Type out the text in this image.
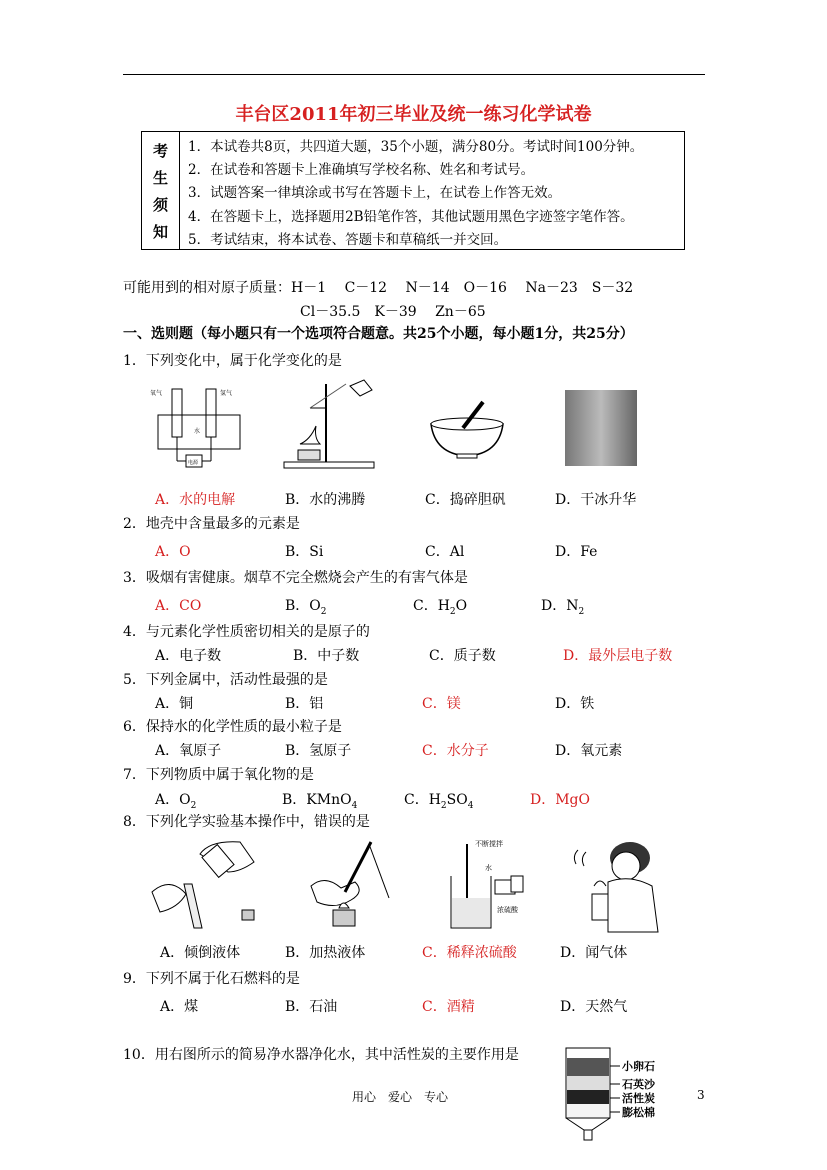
丰台区2011年初三毕业及统一练习化学试卷
考
生
须
知
1．本试卷共8页，共四道大题，35个小题，满分80分。考试时间100分钟。
2．在试卷和答题卡上准确填写学校名称、姓名和考试号。
3．试题答案一律填涂或书写在答题卡上，在试卷上作答无效。
4．在答题卡上，选择题用2B铅笔作答，其他试题用黑色字迹签字笔作答。
5．考试结束，将本试卷、答题卡和草稿纸一并交回。
可能用到的相对原子质量：H－1　 C－12　 N－14　O－16　 Na－23　S－32
Cl－35.5　K－39　 Zn－65
一、选则题（每小题只有一个选项符合题意。共25个小题，每小题1分，共25分）
1．下列变化中，属于化学变化的是
氧气	氢气
水
电源
A．水的电解	B．水的沸腾	C．捣碎胆矾	D．干冰升华
2．地壳中含量最多的元素是
A．O	B．Si	C．Al	D．Fe
3．吸烟有害健康。烟草不完全燃烧会产生的有害气体是
A．CO	B．$O_2$	C．$H_2O$	D．$N_2$
4．与元素化学性质密切相关的是原子的
A．电子数	B．中子数	C．质子数	D．最外层电子数
5．下列金属中，活动性最强的是
A．铜	B．铝	C．镁	D．铁
6．保持水的化学性质的最小粒子是
A．氧原子	B．氢原子	C．水分子	D．氧元素
7．下列物质中属于氧化物的是
A．$O_2$	B．KMnO$_4$	C．$H_2SO_4$	D．MgO
8．下列化学实验基本操作中，错误的是
不断搅拌
水
浓硫酸
A．倾倒液体	B．加热液体	C．稀释浓硫酸	D．闻气体
9．下列不属于化石燃料的是
A．煤	B．石油	C．酒精	D．天然气
10．用右图所示的简易净水器净化水，其中活性炭的主要作用是
小卵石
石英沙
活性炭
膨松棉
用心　爱心　专心	3
